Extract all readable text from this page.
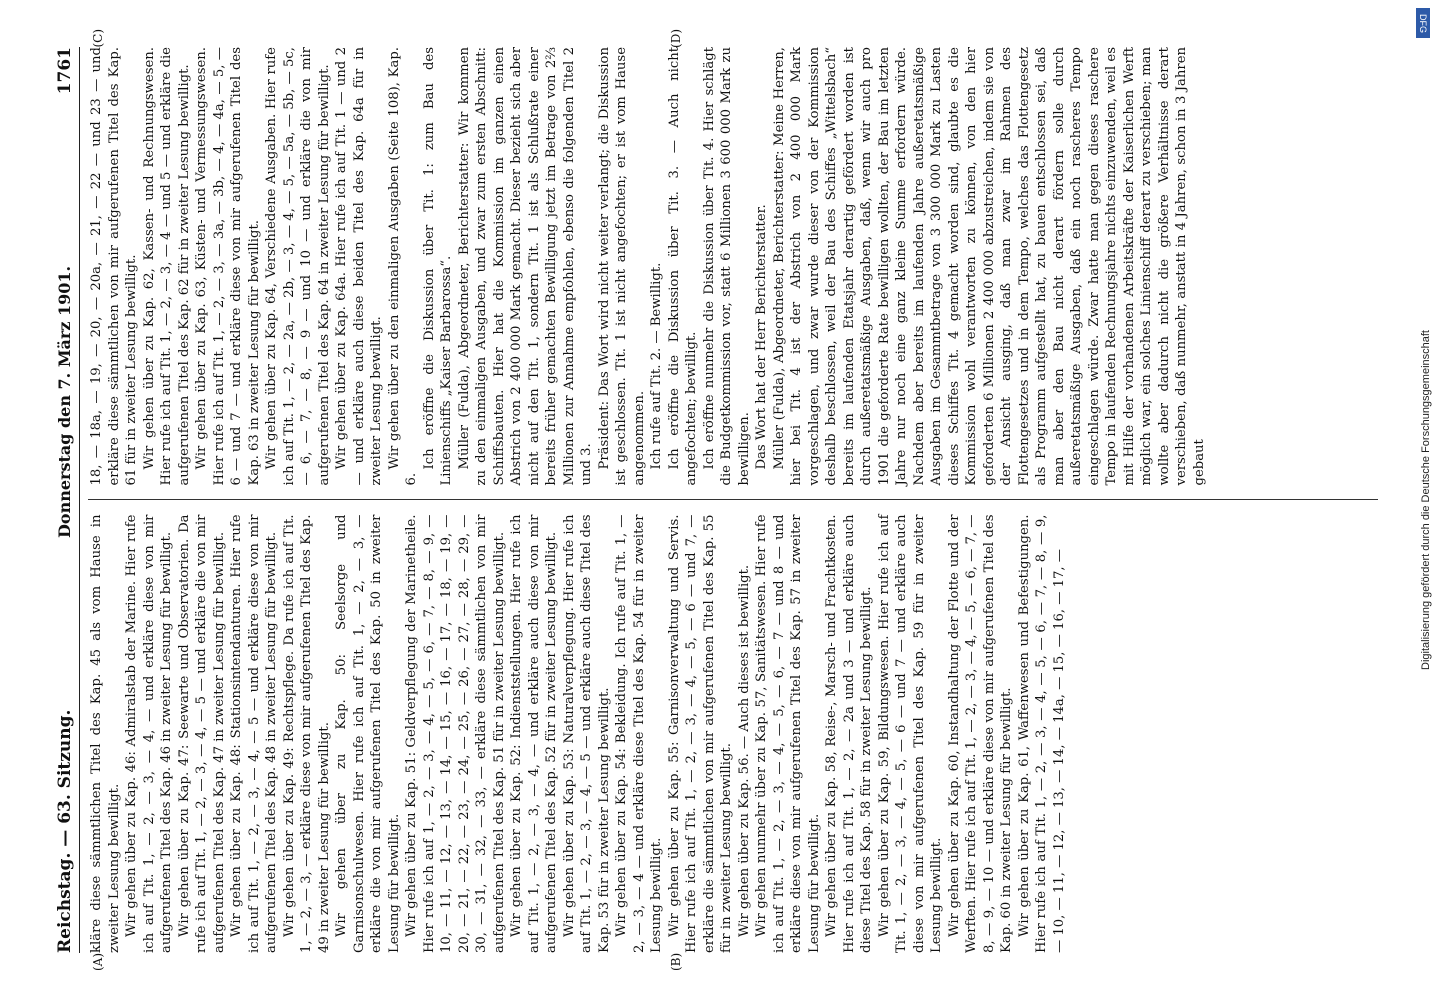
Reichstag. — 63. Sitzung.
Donnerstag den 7. März 1901.
1761
(A)	(B)

kläre diese sämmtlichen Titel des Kap. 45 als vom Hause in zweiter Lesung bewilligt. Wir gehen über zu Kap. 46: Admiralstab der Marine. Hier rufe ich auf Tit. 1, — 2, — 3, — 4, — und erkläre diese von mir aufgerufenen Titel des Kap. 46 in zweiter Lesung für bewilligt. Wir gehen über zu Kap. 47: Seewarte und Observatorien. Da rufe ich auf Tit. 1, — 2, — 3, — 4, — 5 — und erkläre die von mir aufgerufenen Titel des Kap. 47 in zweiter Lesung für bewilligt. Wir gehen über zu Kap. 48: Stationsintendanturen. Hier rufe ich auf Tit. 1, — 2, — 3, — 4, — 5 — und erkläre diese von mir aufgerufenen Titel des Kap. 48 in zweiter Lesung für bewilligt. Wir gehen über zu Kap. 49: Rechtspflege. Da rufe ich auf Tit. 1, — 2, — 3, — erkläre diese von mir aufgerufenen Titel des Kap. 49 in zweiter Lesung für bewilligt. Wir gehen über zu Kap. 50: Seelsorge und Garnisonschulwesen. Hier rufe ich auf Tit. 1, — 2, — 3, — erkläre die von mir aufgerufenen Titel des Kap. 50 in zweiter Lesung für bewilligt. Wir gehen über zu Kap. 51: Geldverpflegung der Marinetheile. Hier rufe ich auf 1, — 2, — 3, — 4, — 5, — 6, — 7, — 8, — 9, — 10, — 11, — 12, — 13, — 14, — 15, — 16, — 17, — 18, — 19, — 20, — 21, — 22, — 23, — 24, — 25, — 26, — 27, — 28, — 29, — 30, — 31, — 32, — 33, — erkläre diese sämmtlichen von mir aufgerufenen Titel des Kap. 51 für in zweiter Lesung bewilligt. Wir gehen über zu Kap. 52: Indienststellungen. Hier rufe ich auf Tit. 1, — 2, — 3, — 4, — und erkläre auch diese von mir aufgerufenen Titel des Kap. 52 für in zweiter Lesung bewilligt. Wir gehen über zu Kap. 53: Naturalverpflegung. Hier rufe ich auf Tit. 1, — 2, — 3, — 4, — 5 — und erkläre auch diese Titel des Kap. 53 für in zweiter Lesung bewilligt. Wir gehen über zu Kap. 54: Bekleidung. Ich rufe auf Tit. 1, — 2, — 3, — 4 — und erkläre diese Titel des Kap. 54 für in zweiter Lesung bewilligt. Wir gehen über zu Kap. 55: Garnisonverwaltung und Servis. Hier rufe ich auf Tit. 1, — 2, — 3, — 4, — 5, — 6 — und 7, — erkläre die sämmtlichen von mir aufgerufenen Titel des Kap. 55 für in zweiter Lesung bewilligt. Wir gehen über zu Kap. 56. — Auch dieses ist bewilligt. Wir gehen nunmehr über zu Kap. 57, Sanitätswesen. Hier rufe ich auf Tit. 1, — 2, — 3, — 4, — 5, — 6, — 7 — und 8 — und erkläre diese von mir aufgerufenen Titel des Kap. 57 in zweiter Lesung für bewilligt. Wir gehen über zu Kap. 58, Reise-, Marsch- und Frachtkosten. Hier rufe ich auf Tit. 1, — 2, — 2a und 3 — und erkläre auch diese Titel des Kap. 58 für in zweiter Lesung bewilligt. Wir gehen über zu Kap. 59, Bildungswesen. Hier rufe ich auf Tit. 1, — 2, — 3, — 4, — 5, — 6 — und 7 — und erkläre auch diese von mir aufgerufenen Titel des Kap. 59 für in zweiter Lesung bewilligt. Wir gehen über zu Kap. 60, Instandhaltung der Flotte und der Werften. Hier rufe ich auf Tit. 1, — 2, — 3, — 4, — 5, — 6, — 7, — 8, — 9, — 10 — und erkläre diese von mir aufgerufenen Titel des Kap. 60 in zweiter Lesung für bewilligt. Wir gehen über zu Kap. 61, Waffenwesen und Befestigungen. Hier rufe ich auf Tit. 1, — 2, — 3, — 4, — 5, — 6, — 7, — 8, — 9, — 10, — 11, — 12, — 13, — 14, — 14a, — 15, — 16, — 17, —

(C)	(D)

18, — 18a, — 19, — 20, — 20a, — 21, — 22 — und 23 — und erkläre diese sämmtlichen von mir aufgerufenen Titel des Kap. 61 für in zweiter Lesung bewilligt. Wir gehen über zu Kap. 62, Kassen- und Rechnungswesen. Hier rufe ich auf Tit. 1, — 2, — 3, — 4 — und 5 — und erkläre die aufgerufenen Titel des Kap. 62 für in zweiter Lesung bewilligt. Wir gehen über zu Kap. 63, Küsten- und Vermessungswesen. Hier rufe ich auf Tit. 1, — 2, — 3, — 3a, — 3b, — 4, — 4a, — 5, — 6 — und 7 — und erkläre diese von mir aufgerufenen Titel des Kap. 63 in zweiter Lesung für bewilligt. Wir gehen über zu Kap. 64, Verschiedene Ausgaben. Hier rufe ich auf Tit. 1, — 2, — 2a, — 2b, — 3, — 4, — 5, — 5a, — 5b, — 5c, — 6, — 7, — 8, — 9 — und 10 — und erkläre die von mir aufgerufenen Titel des Kap. 64 in zweiter Lesung für bewilligt. Wir gehen über zu Kap. 64a. Hier rufe ich auf Tit. 1 — und 2 — und erkläre auch diese beiden Titel des Kap. 64a für in zweiter Lesung bewilligt. Wir gehen über zu den einmaligen Ausgaben (Seite 108), Kap. 6.

Ich eröffne die Diskussion über Tit. 1: zum Bau des Linienschiffs „Kaiser Barbarossa“. Müller (Fulda), Abgeordneter, Berichterstatter: Wir kommen zu den einmaligen Ausgaben, und zwar zum ersten Abschnitt: Schiffsbauten. Hier hat die Kommission im ganzen einen Abstrich von 2 400 000 Mark gemacht. Dieser bezieht sich aber nicht auf den Tit. 1, sondern Tit. 1 ist als Schlußrate einer bereits früher gemachten Bewilligung jetzt im Betrage von 2⅔ Millionen zur Annahme empfohlen, ebenso die folgenden Titel 2 und 3. Präsident: Das Wort wird nicht weiter verlangt; die Diskussion ist geschlossen. Tit. 1 ist nicht angefochten; er ist vom Hause angenommen. Ich rufe auf Tit. 2. — Bewilligt. Ich eröffne die Diskussion über Tit. 3. — Auch nicht angefochten; bewilligt. Ich eröffne nunmehr die Diskussion über Tit. 4. Hier schlägt die Budgetkommission vor, statt 6 Millionen 3 600 000 Mark zu bewilligen. Das Wort hat der Herr Berichterstatter. Müller (Fulda), Abgeordneter, Berichterstatter: Meine Herren, hier bei Tit. 4 ist der Abstrich von 2 400 000 Mark vorgeschlagen, und zwar wurde dieser von der Kommission deshalb beschlossen, weil der Bau des Schiffes „Wittelsbach“ bereits im laufenden Etatsjahr derartig gefördert worden ist durch außeretatsmäßige Ausgaben, daß, wenn wir auch pro 1901 die geforderte Rate bewilligen wollten, der Bau im letzten Jahre nur noch eine ganz kleine Summe erfordern würde. Nachdem aber bereits im laufenden Jahre außeretatsmäßige Ausgaben im Gesammtbetrage von 3 300 000 Mark zu Lasten dieses Schiffes Tit. 4 gemacht worden sind, glaubte es die Kommission wohl verantworten zu können, von den hier geforderten 6 Millionen 2 400 000 abzustreichen, indem sie von der Ansicht ausging, daß man zwar im Rahmen des Flottengesetzes und in dem Tempo, welches das Flottengesetz als Programm aufgestellt hat, zu bauen entschlossen sei, daß man aber den Bau nicht derart fördern solle durch außeretatsmäßige Ausgaben, daß ein noch rascheres Tempo eingeschlagen würde. Zwar hatte man gegen dieses raschere Tempo in laufenden Rechnungsjahre nichts einzuwenden, weil es mit Hilfe der vorhandenen Arbeitskräfte der Kaiserlichen Werft möglich war, ein solches Linienschiff derart zu verschieben; man wollte aber dadurch nicht die größere Verhältnisse derart verschieben, daß nunmehr, anstatt in 4 Jahren, schon in 3 Jahren gebaut

DFG
Digitalisierung gefördert durch die Deutsche Forschungsgemeinschaft
